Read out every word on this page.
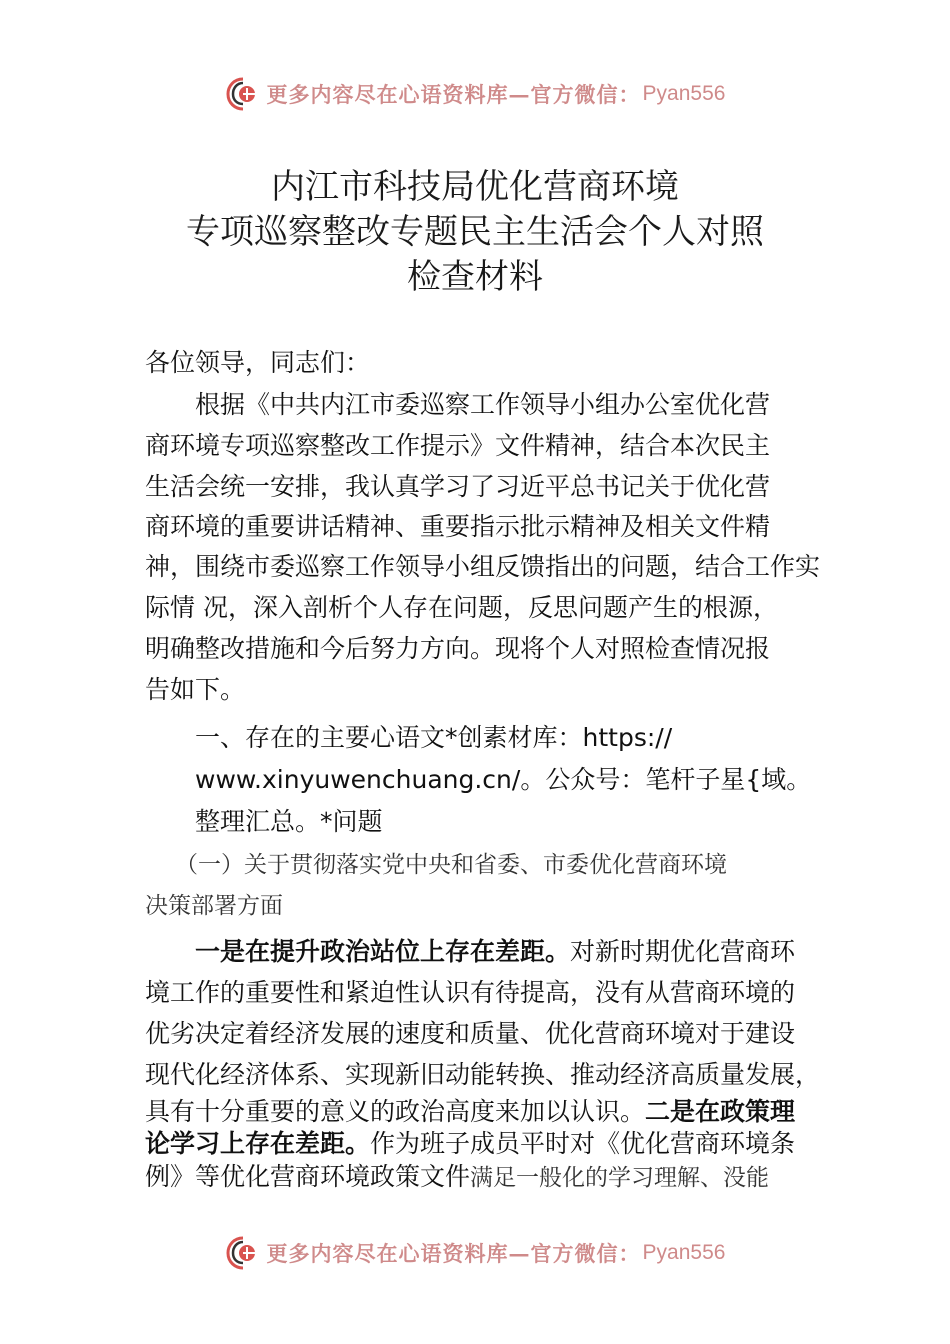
更多内容尽在心语资料库—官方微信： Pyan556
内江市科技局优化营商环境
专项巡察整改专题民主生活会个人对照
检查材料
各位领导，同志们：
根据《中共内江市委巡察工作领导小组办公室优化营
商环境专项巡察整改工作提示》文件精神，结合本次民主
生活会统一安排，我认真学习了习近平总书记关于优化营
商环境的重要讲话精神、重要指示批示精神及相关文件精
神，围绕市委巡察工作领导小组反馈指出的问题，结合工作实
际情 况，深入剖析个人存在问题，反思问题产生的根源，
明确整改措施和今后努力方向。现将个人对照检查情况报
告如下。
一、存在的主要心语文*创素材库：https://
www.xinyuwenchuang.cn/。公众号：笔杆子星{域。
整理汇总。*问题
（一）关于贯彻落实党中央和省委、市委优化营商环境
决策部署方面
一是在提升政治站位上存在差距。对新时期优化营商环
境工作的重要性和紧迫性认识有待提高，没有从营商环境的
优劣决定着经济发展的速度和质量、优化营商环境对于建设
现代化经济体系、实现新旧动能转换、推动经济高质量发展，
具有十分重要的意义的政治高度来加以认识。二是在政策理
论学习上存在差距。作为班子成员平时对《优化营商环境条
例》等优化营商环境政策文件满足一般化的学习理解、没能
更多内容尽在心语资料库—官方微信： Pyan556
